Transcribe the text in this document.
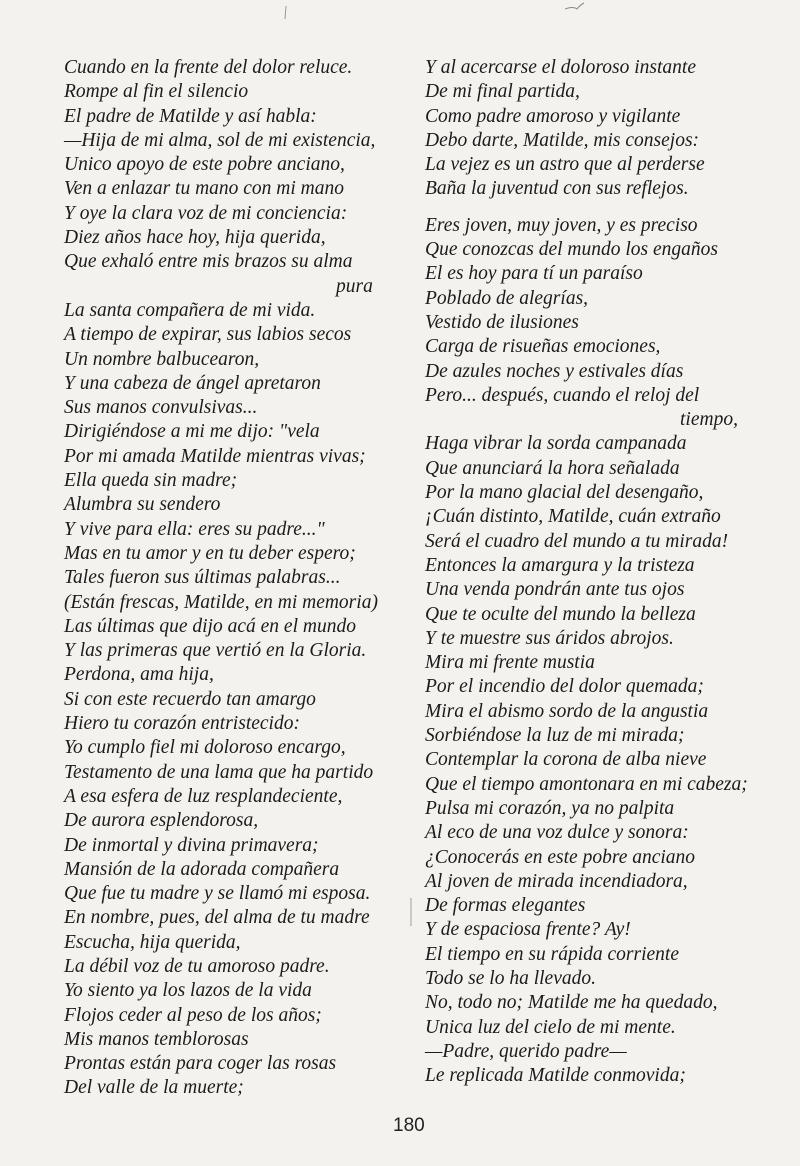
Cuando en la frente del dolor reluce.
Rompe al fin el silencio
El padre de Matilde y así habla:
—Hija de mi alma, sol de mi existencia,
Unico apoyo de este pobre anciano,
Ven a enlazar tu mano con mi mano
Y oye la clara voz de mi conciencia:
Diez años hace hoy, hija querida,
Que exhaló entre mis brazos su alma
pura
La santa compañera de mi vida.
A tiempo de expirar, sus labios secos
Un nombre balbucearon,
Y una cabeza de ángel apretaron
Sus manos convulsivas...
Dirigiéndose a mi me dijo: "vela
Por mi amada Matilde mientras vivas;
Ella queda sin madre;
Alumbra su sendero
Y vive para ella: eres su padre..."
Mas en tu amor y en tu deber espero;
Tales fueron sus últimas palabras...
(Están frescas, Matilde, en mi memoria)
Las últimas que dijo acá en el mundo
Y las primeras que vertió en la Gloria.
Perdona, ama hija,
Si con este recuerdo tan amargo
Hiero tu corazón entristecido:
Yo cumplo fiel mi doloroso encargo,
Testamento de una lama que ha partido
A esa esfera de luz resplandeciente,
De aurora esplendorosa,
De inmortal y divina primavera;
Mansión de la adorada compañera
Que fue tu madre y se llamó mi esposa.
En nombre, pues, del alma de tu madre
Escucha, hija querida,
La débil voz de tu amoroso padre.
Yo siento ya los lazos de la vida
Flojos ceder al peso de los años;
Mis manos temblorosas
Prontas están para coger las rosas
Del valle de la muerte;
Y al acercarse el doloroso instante
De mi final partida,
Como padre amoroso y vigilante
Debo darte, Matilde, mis consejos:
La vejez es un astro que al perderse
Baña la juventud con sus reflejos.
Eres joven, muy joven, y es preciso
Que conozcas del mundo los engaños
El es hoy para tí un paraíso
Poblado de alegrías,
Vestido de ilusiones
Carga de risueñas emociones,
De azules noches y estivales días
Pero... después, cuando el reloj del
tiempo,
Haga vibrar la sorda campanada
Que anunciará la hora señalada
Por la mano glacial del desengaño,
¡Cuán distinto, Matilde, cuán extraño
Será el cuadro del mundo a tu mirada!
Entonces la amargura y la tristeza
Una venda pondrán ante tus ojos
Que te oculte del mundo la belleza
Y te muestre sus áridos abrojos.
Mira mi frente mustia
Por el incendio del dolor quemada;
Mira el abismo sordo de la angustia
Sorbiéndose la luz de mi mirada;
Contemplar la corona de alba nieve
Que el tiempo amontonara en mi cabeza;
Pulsa mi corazón, ya no palpita
Al eco de una voz dulce y sonora:
¿Conocerás en este pobre anciano
Al joven de mirada incendiadora,
De formas elegantes
Y de espaciosa frente? Ay!
El tiempo en su rápida corriente
Todo se lo ha llevado.
No, todo no; Matilde me ha quedado,
Unica luz del cielo de mi mente.
—Padre, querido padre—
Le replicada Matilde conmovida;
180
